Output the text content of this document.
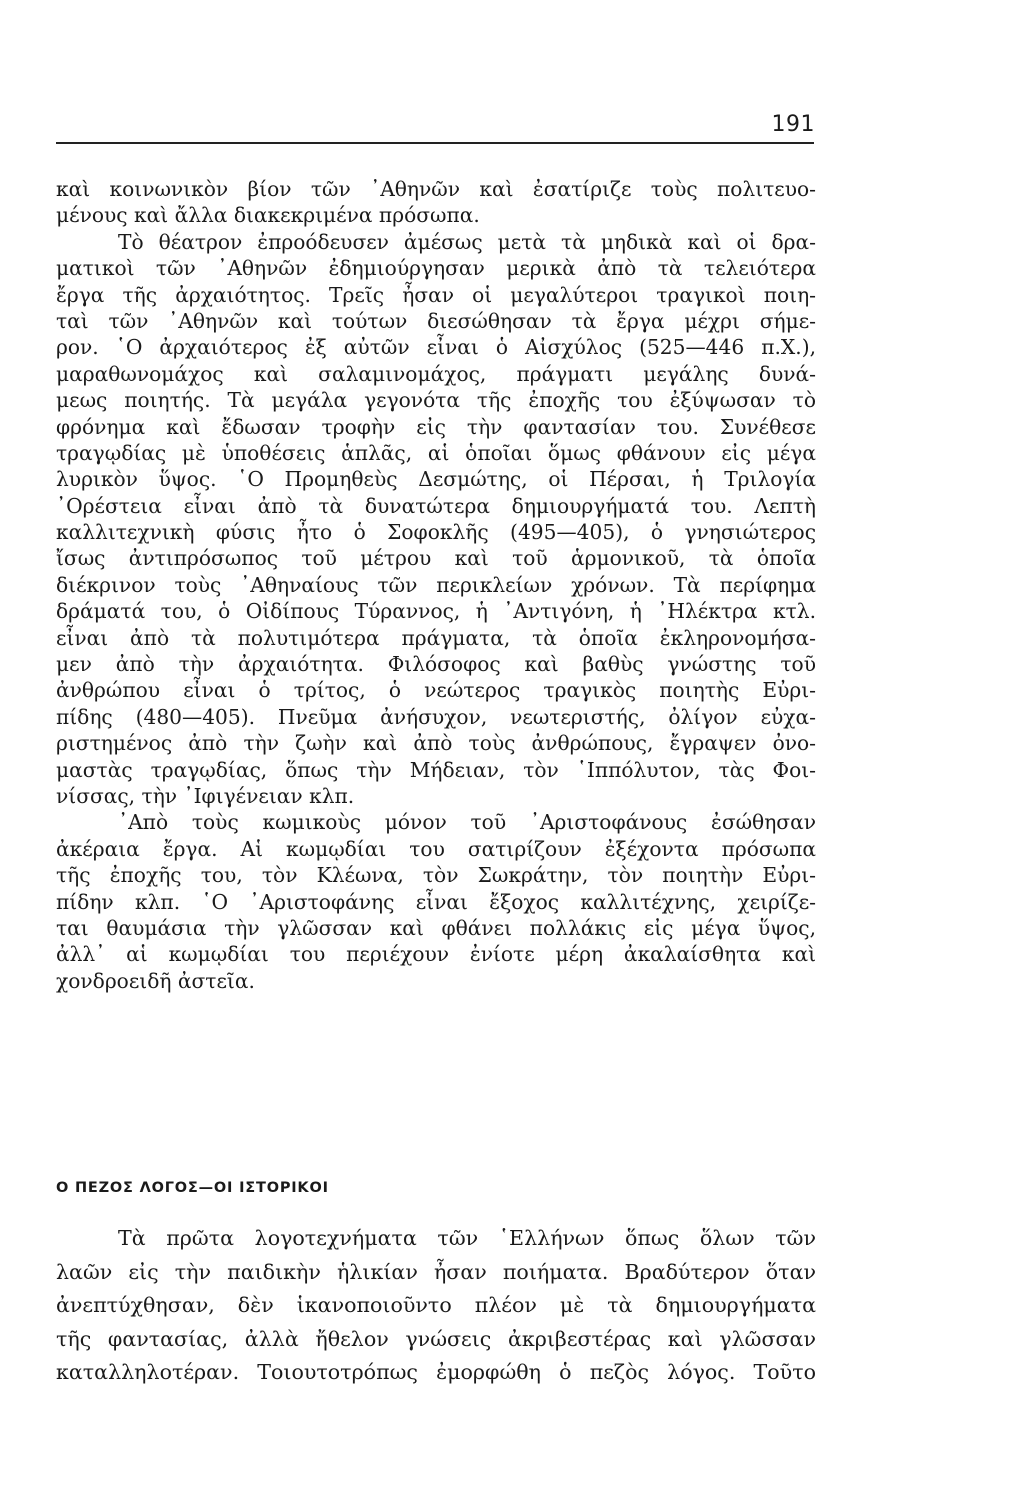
191
καὶ κοινωνικὸν βίον τῶν ᾿Αθηνῶν καὶ ἐσατίριζε τοὺς πολιτευο-
μένους καὶ ἄλλα διακεκριμένα πρόσωπα.
Τὸ θέατρον ἐπροόδευσεν ἀμέσως μετὰ τὰ μηδικὰ καὶ οἱ δρα-
ματικοὶ τῶν ᾿Αθηνῶν ἐδημιούργησαν μερικὰ ἀπὸ τὰ τελειότερα
ἔργα τῆς ἀρχαιότητος. Τρεῖς ἦσαν οἱ μεγαλύτεροι τραγικοὶ ποιη-
ταὶ τῶν ᾿Αθηνῶν καὶ τούτων διεσώθησαν τὰ ἔργα μέχρι σήμε-
ρον. ῾Ο ἀρχαιότερος ἐξ αὐτῶν εἶναι ὁ Αἰσχύλος (525—446 π.Χ.),
μαραθωνομάχος καὶ σαλαμινομάχος, πράγματι μεγάλης δυνά-
μεως ποιητής. Τὰ μεγάλα γεγονότα τῆς ἐποχῆς του ἐξύψωσαν τὸ
φρόνημα καὶ ἔδωσαν τροφὴν εἰς τὴν φαντασίαν του. Συνέθεσε
τραγῳδίας μὲ ὑποθέσεις ἁπλᾶς, αἱ ὁποῖαι ὅμως φθάνουν εἰς μέγα
λυρικὸν ὕψος. ῾Ο Προμηθεὺς Δεσμώτης, οἱ Πέρσαι, ἡ Τριλογία
᾿Ορέστεια εἶναι ἀπὸ τὰ δυνατώτερα δημιουργήματά του. Λεπτὴ
καλλιτεχνικὴ φύσις ἦτο ὁ Σοφοκλῆς (495—405), ὁ γνησιώτερος
ἴσως ἀντιπρόσωπος τοῦ μέτρου καὶ τοῦ ἁρμονικοῦ, τὰ ὁποῖα
διέκρινον τοὺς ᾿Αθηναίους τῶν περικλείων χρόνων. Τὰ περίφημα
δράματά του, ὁ Οἰδίπους Τύραννος, ἡ ᾿Αντιγόνη, ἡ ᾿Ηλέκτρα κτλ.
εἶναι ἀπὸ τὰ πολυτιμότερα πράγματα, τὰ ὁποῖα ἐκληρονομήσα-
μεν ἀπὸ τὴν ἀρχαιότητα. Φιλόσοφος καὶ βαθὺς γνώστης τοῦ
ἀνθρώπου εἶναι ὁ τρίτος, ὁ νεώτερος τραγικὸς ποιητὴς Εὐρι-
πίδης (480—405). Πνεῦμα ἀνήσυχον, νεωτεριστής, ὀλίγον εὐχα-
ριστημένος ἀπὸ τὴν ζωὴν καὶ ἀπὸ τοὺς ἀνθρώπους, ἔγραψεν ὀνο-
μαστὰς τραγῳδίας, ὅπως τὴν Μήδειαν, τὸν ῾Ιππόλυτον, τὰς Φοι-
νίσσας, τὴν ᾿Ιφιγένειαν κλπ.
᾿Απὸ τοὺς κωμικοὺς μόνον τοῦ ᾿Αριστοφάνους ἐσώθησαν
ἀκέραια ἔργα. Αἱ κωμῳδίαι του σατιρίζουν ἐξέχοντα πρόσωπα
τῆς ἐποχῆς του, τὸν Κλέωνα, τὸν Σωκράτην, τὸν ποιητὴν Εὐρι-
πίδην κλπ. ῾Ο ᾿Αριστοφάνης εἶναι ἔξοχος καλλιτέχνης, χειρίζε-
ται θαυμάσια τὴν γλῶσσαν καὶ φθάνει πολλάκις εἰς μέγα ὕψος,
ἀλλ᾿ αἱ κωμῳδίαι του περιέχουν ἐνίοτε μέρη ἀκαλαίσθητα καὶ
χονδροειδῆ ἀστεῖα.
Ο ΠΕΖΟΣ ΛΟΓΟΣ—ΟΙ ΙΣΤΟΡΙΚΟΙ
Τὰ πρῶτα λογοτεχνήματα τῶν ῾Ελλήνων ὅπως ὅλων τῶν
λαῶν εἰς τὴν παιδικὴν ἡλικίαν ἦσαν ποιήματα. Βραδύτερον ὅταν
ἀνεπτύχθησαν, δὲν ἱκανοποιοῦντο πλέον μὲ τὰ δημιουργήματα
τῆς φαντασίας, ἀλλὰ ἤθελον γνώσεις ἀκριβεστέρας καὶ γλῶσσαν
καταλληλοτέραν. Τοιουτοτρόπως ἐμορφώθη ὁ πεζὸς λόγος. Τοῦτο
